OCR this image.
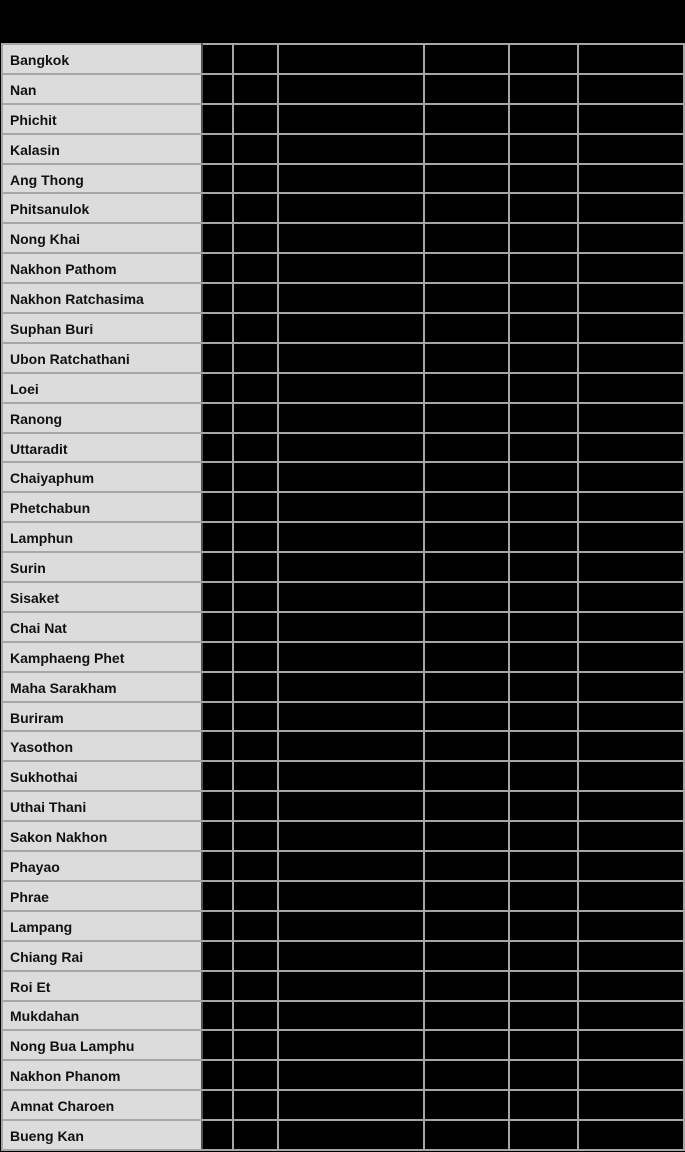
Bangkok						
Nan						
Phichit						
Kalasin						
Ang Thong						
Phitsanulok						
Nong Khai						
Nakhon Pathom						
Nakhon Ratchasima						
Suphan Buri						
Ubon Ratchathani						
Loei						
Ranong						
Uttaradit						
Chaiyaphum						
Phetchabun						
Lamphun						
Surin						
Sisaket						
Chai Nat						
Kamphaeng Phet						
Maha Sarakham						
Buriram						
Yasothon						
Sukhothai						
Uthai Thani						
Sakon Nakhon						
Phayao						
Phrae						
Lampang						
Chiang Rai						
Roi Et						
Mukdahan						
Nong Bua Lamphu						
Nakhon Phanom						
Amnat Charoen						
Bueng Kan						
